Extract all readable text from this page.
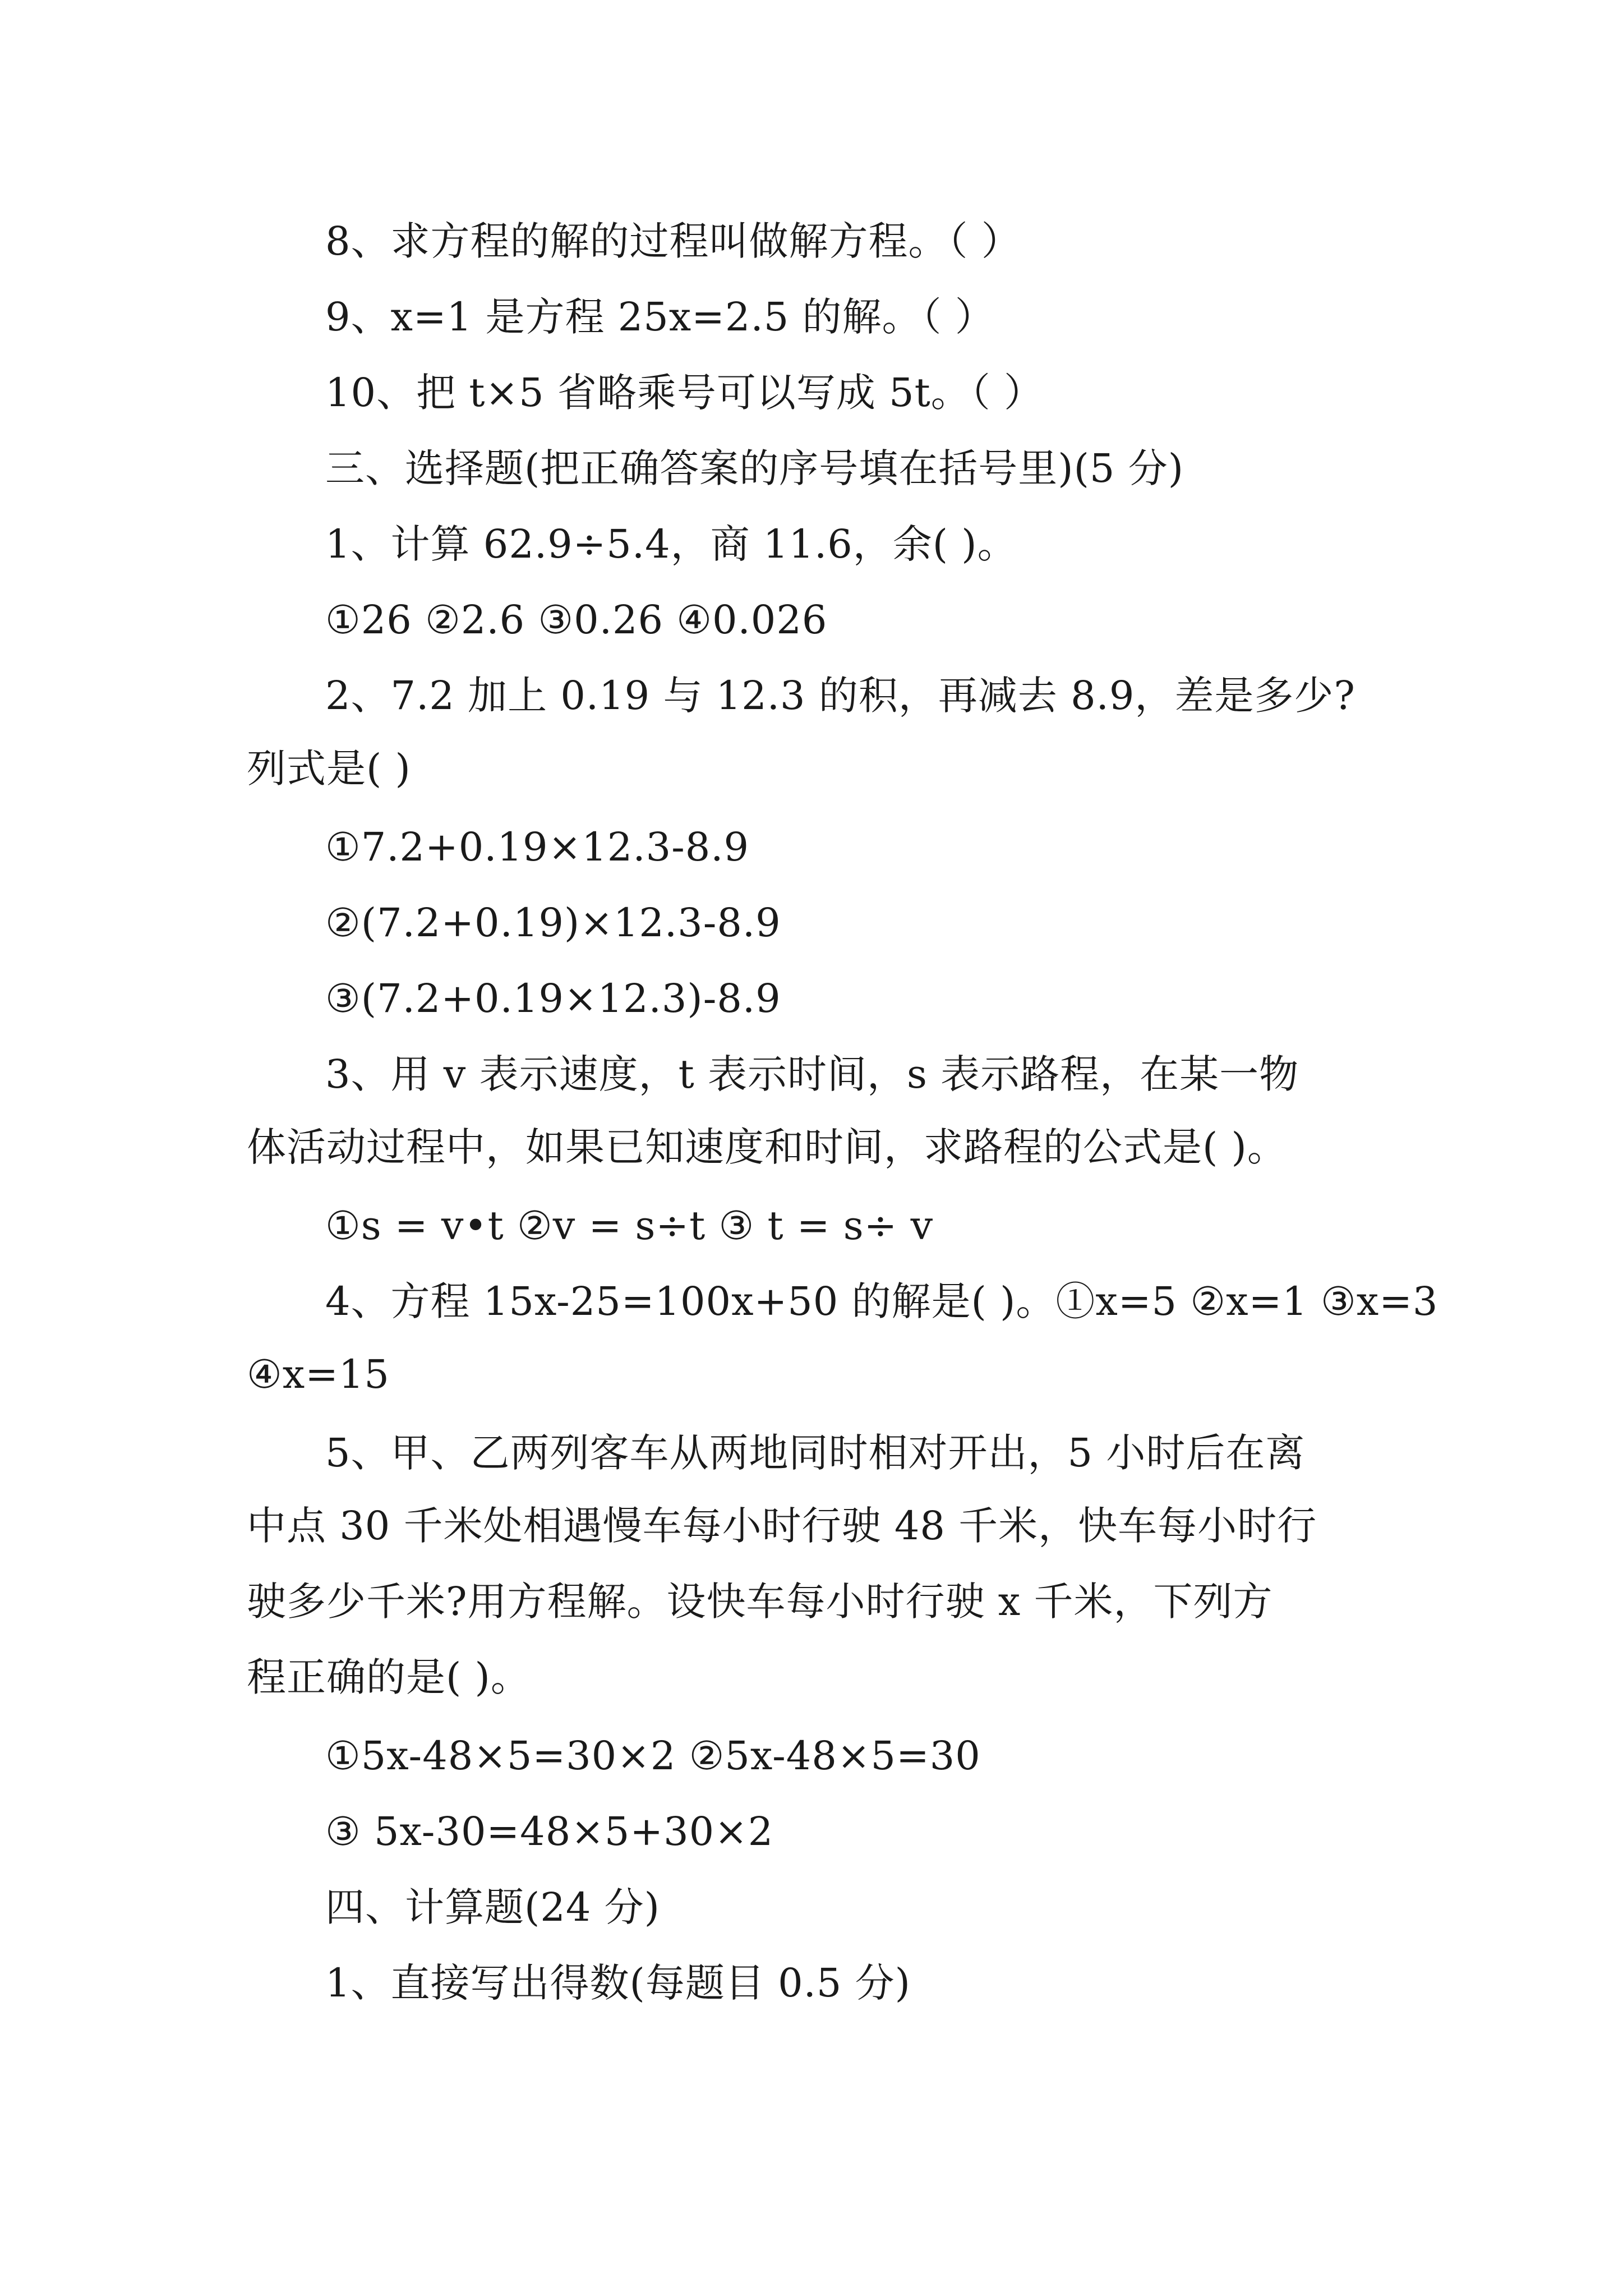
8、求方程的解的过程叫做解方程。（ ）
9、x=1 是方程 25x=2.5 的解。（ ）
10、把 t×5 省略乘号可以写成 5t。（ ）
三、选择题(把正确答案的序号填在括号里)(5 分)
1、计算 62.9÷5.4，商 11.6，余( )。
①26 ②2.6 ③0.26 ④0.026
2、7.2 加上 0.19 与 12.3 的积，再减去 8.9，差是多少?
列式是( )
①7.2+0.19×12.3-8.9
②(7.2+0.19)×12.3-8.9
③(7.2+0.19×12.3)-8.9
3、用 v 表示速度，t 表示时间，s 表示路程，在某一物
体活动过程中，如果已知速度和时间，求路程的公式是( )。
①s = v•t ②v = s÷t ③ t = s÷ v
4、方程 15x-25=100x+50 的解是( )。①x=5 ②x=1 ③x=3
④x=15
5、甲、乙两列客车从两地同时相对开出，5 小时后在离
中点 30 千米处相遇慢车每小时行驶 48 千米，快车每小时行
驶多少千米?用方程解。设快车每小时行驶 x 千米，下列方
程正确的是( )。
①5x-48×5=30×2 ②5x-48×5=30
③ 5x-30=48×5+30×2
四、计算题(24 分)
1、直接写出得数(每题目 0.5 分)
